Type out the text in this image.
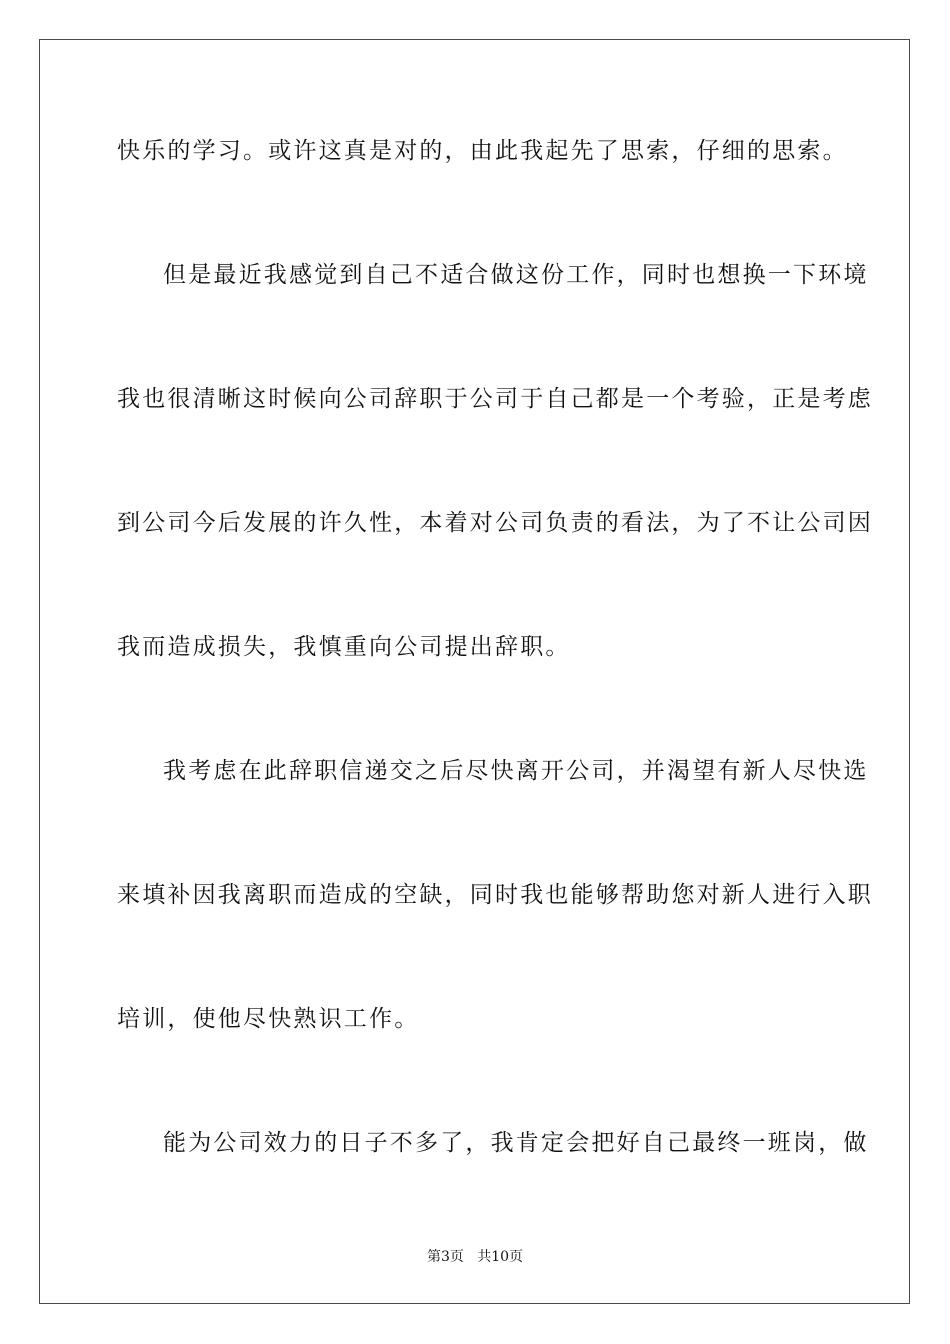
快乐的学习。或许这真是对的，由此我起先了思索，仔细的思索。

但是最近我感觉到自己不适合做这份工作，同时也想换一下环境

我也很清晰这时候向公司辞职于公司于自己都是一个考验，正是考虑

到公司今后发展的许久性，本着对公司负责的看法，为了不让公司因

我而造成损失，我慎重向公司提出辞职。

我考虑在此辞职信递交之后尽快离开公司，并渴望有新人尽快选

来填补因我离职而造成的空缺，同时我也能够帮助您对新人进行入职

培训，使他尽快熟识工作。

能为公司效力的日子不多了，我肯定会把好自己最终一班岗，做

第3页   共10页
